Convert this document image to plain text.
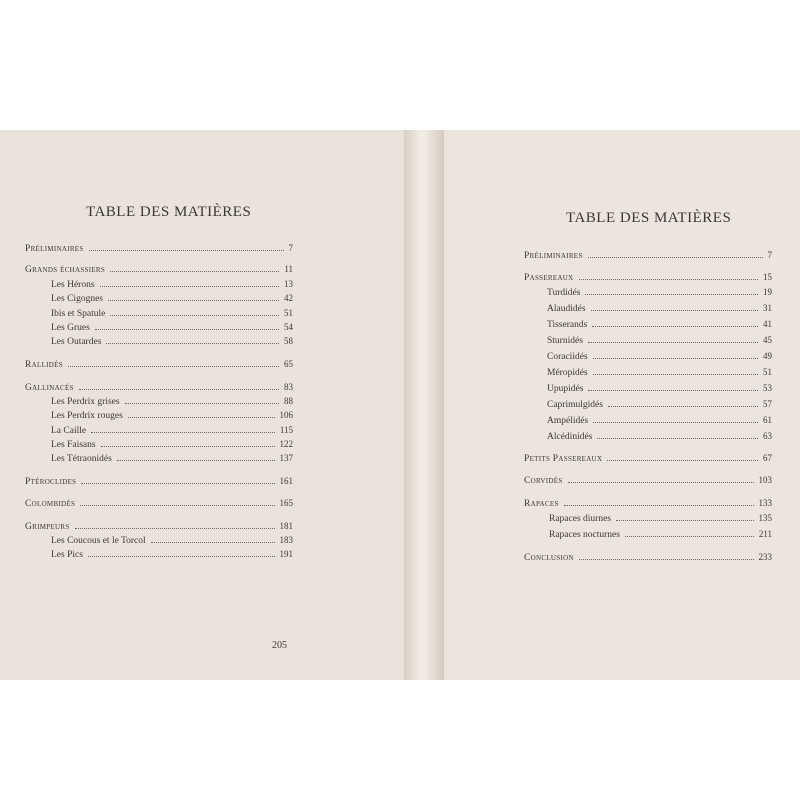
TABLE DES MATIÈRES
Préliminaires	7
Grands échassiers	11
Les Hérons	13
Les Cigognes	42
Ibis et Spatule	51
Les Grues	54
Les Outardes	58
Rallidés	65
Gallinacés	83
Les Perdrix grises	88
Les Perdrix rouges	106
La Caille	115
Les Faisans	122
Les Tétraonidés	137
Ptéroclides	161
Colombidés	165
Grimpeurs	181
Les Coucous et le Torcol	183
Les Pics	191
205
TABLE DES MATIÈRES
Préliminaires	7
Passereaux	15
Turdidés	19
Alaudidés	31
Tisserands	41
Sturnidés	45
Coraciidés	49
Méropidés	51
Upupidés	53
Caprimulgidés	57
Ampélidés	61
Alcédinidés	63
Petits Passereaux	67
Corvidés	103
Rapaces	133
Rapaces diurnes	135
Rapaces nocturnes	211
Conclusion	233
